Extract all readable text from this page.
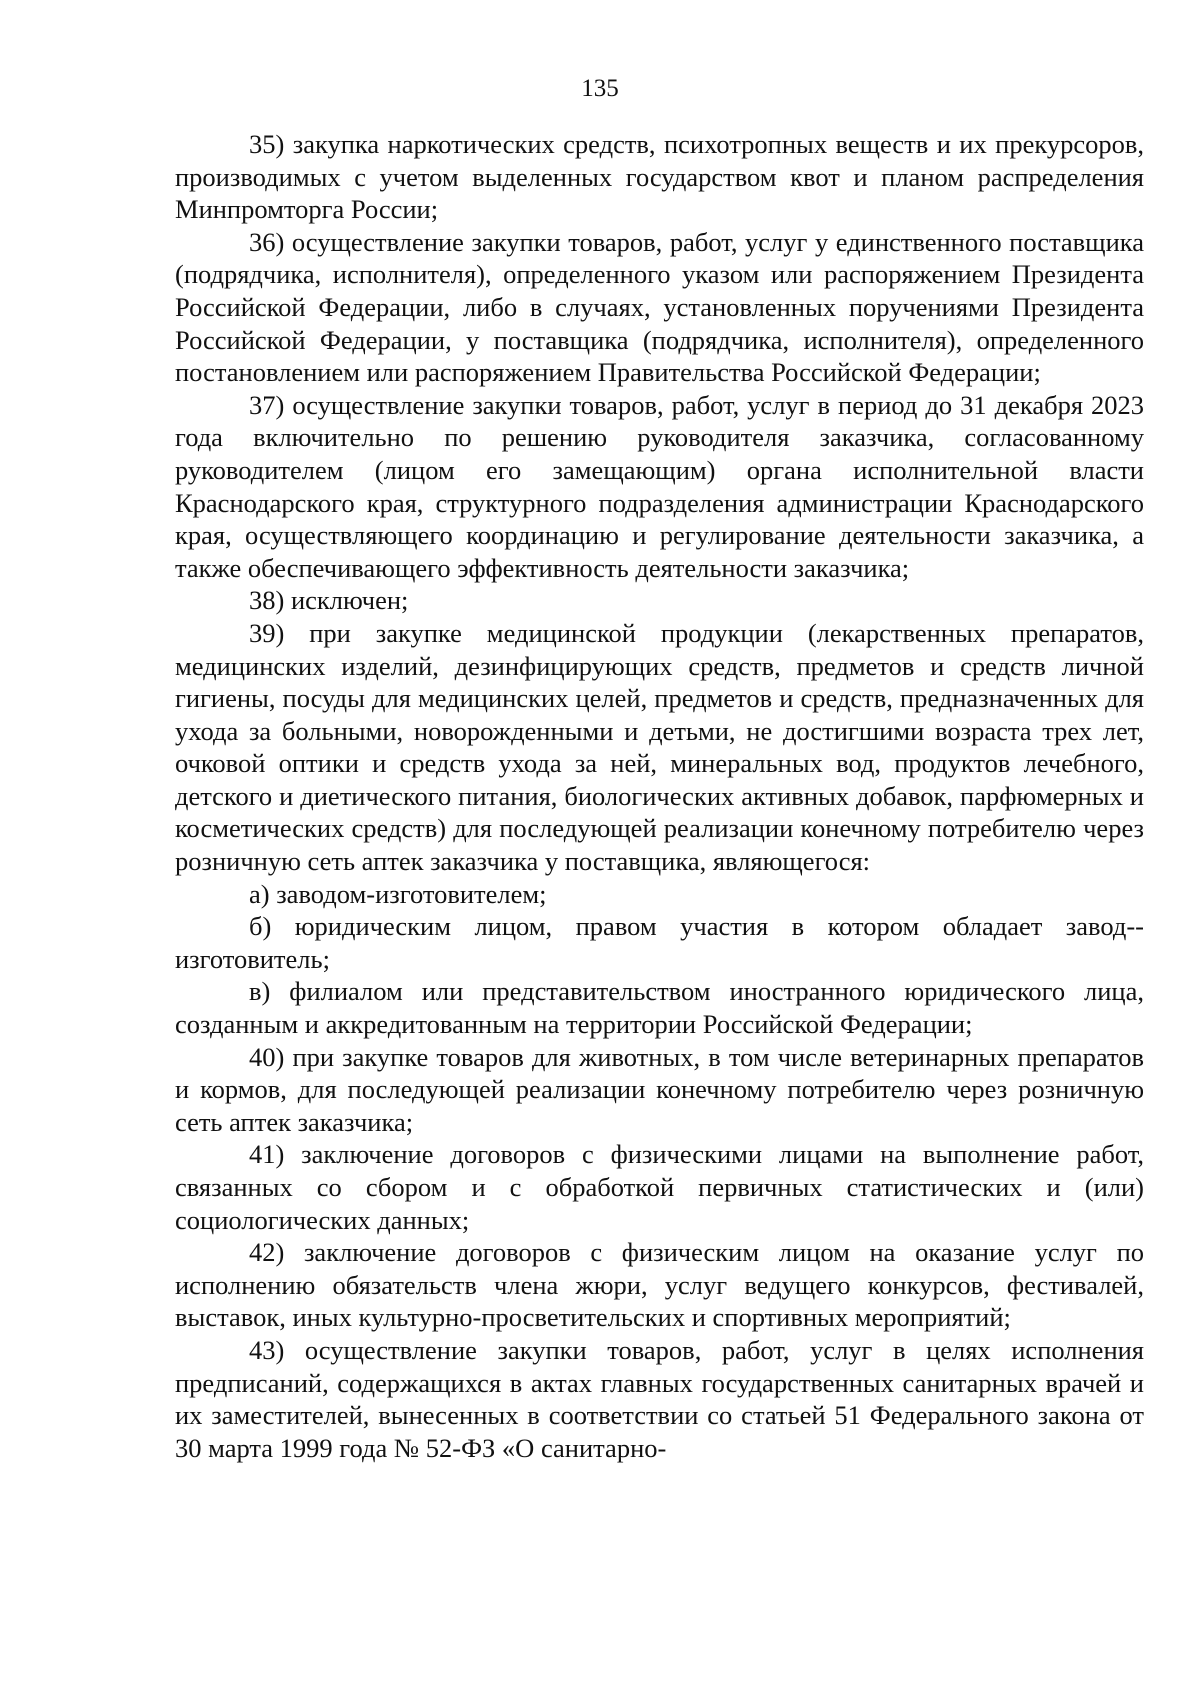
135

35) закупка наркотических средств, психотропных веществ и их прекурсоров, производимых с учетом выделенных государством квот и планом распределения Минпромторга России;

36) осуществление закупки товаров, работ, услуг у единственного поставщика (подрядчика, исполнителя), определенного указом или распоряжением Президента Российской Федерации, либо в случаях, установленных поручениями Президента Российской Федерации, у поставщика (подрядчика, исполнителя), определенного постановлением или распоряжением Правительства Российской Федерации;

37) осуществление закупки товаров, работ, услуг в период до 31 декабря 2023 года включительно по решению руководителя заказчика, согласованному руководителем (лицом его замещающим) органа исполнительной власти Краснодарского края, структурного подразделения администрации Краснодарского края, осуществляющего координацию и регулирование деятельности заказчика, а также обеспечивающего эффективность деятельности заказчика;

38) исключен;

39) при закупке медицинской продукции (лекарственных препаратов, медицинских изделий, дезинфицирующих средств, предметов и средств личной гигиены, посуды для медицинских целей, предметов и средств, предназначенных для ухода за больными, новорожденными и детьми, не достигшими возраста трех лет, очковой оптики и средств ухода за ней, минеральных вод, продуктов лечебного, детского и диетического питания, биологических активных добавок, парфюмерных и косметических средств) для последующей реализации конечному потребителю через розничную сеть аптек заказчика у поставщика, являющегося:

а) заводом-изготовителем;

б) юридическим лицом, правом участия в котором обладает завод-изготовитель;

в) филиалом или представительством иностранного юридического лица, созданным и аккредитованным на территории Российской Федерации;

40) при закупке товаров для животных, в том числе ветеринарных препаратов и кормов, для последующей реализации конечному потребителю через розничную сеть аптек заказчика;

41) заключение договоров с физическими лицами на выполнение работ, связанных со сбором и с обработкой первичных статистических и (или) социологических данных;

42) заключение договоров с физическим лицом на оказание услуг по исполнению обязательств члена жюри, услуг ведущего конкурсов, фестивалей, выставок, иных культурно-просветительских и спортивных мероприятий;

43) осуществление закупки товаров, работ, услуг в целях исполнения предписаний, содержащихся в актах главных государственных санитарных врачей и их заместителей, вынесенных в соответствии со статьей 51 Федерального закона от 30 марта 1999 года № 52-ФЗ «О санитарно-
